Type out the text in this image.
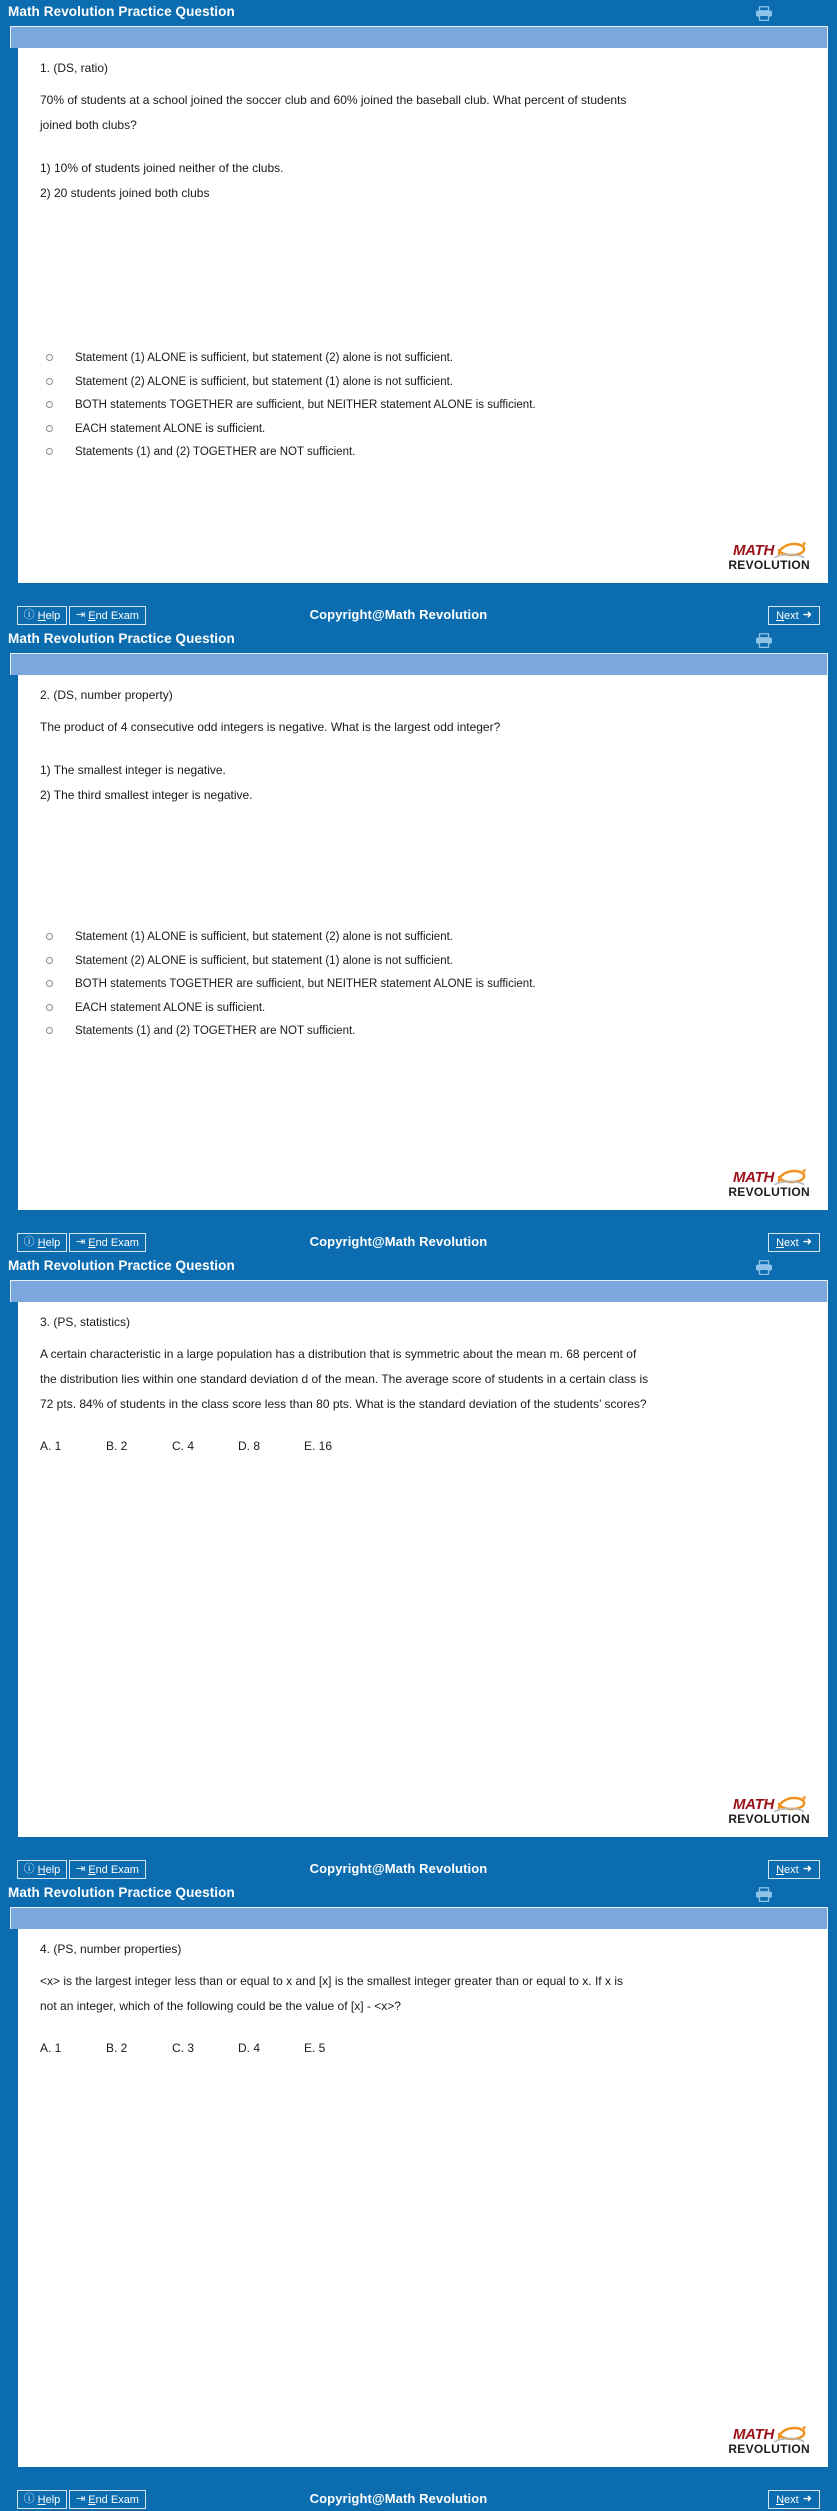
Math Revolution Practice Question
1. (DS, ratio)
70% of students at a school joined the soccer club and 60% joined the baseball club. What percent of students
joined both clubs?
1) 10% of students joined neither of the clubs.
2) 20 students joined both clubs
Statement (1) ALONE is sufficient, but statement (2) alone is not sufficient.
Statement (2) ALONE is sufficient, but statement (1) alone is not sufficient.
BOTH statements TOGETHER are sufficient, but NEITHER statement ALONE is sufficient.
EACH statement ALONE is sufficient.
Statements (1) and (2) TOGETHER are NOT sufficient.
MATH
REVOLUTION
ⓘ Help ⇥ End Exam	Copyright@Math Revolution	Next ➜
Math Revolution Practice Question
2. (DS, number property)
The product of 4 consecutive odd integers is negative. What is the largest odd integer?
1) The smallest integer is negative.
2) The third smallest integer is negative.
Statement (1) ALONE is sufficient, but statement (2) alone is not sufficient.
Statement (2) ALONE is sufficient, but statement (1) alone is not sufficient.
BOTH statements TOGETHER are sufficient, but NEITHER statement ALONE is sufficient.
EACH statement ALONE is sufficient.
Statements (1) and (2) TOGETHER are NOT sufficient.
MATH
REVOLUTION
ⓘ Help ⇥ End Exam	Copyright@Math Revolution	Next ➜
Math Revolution Practice Question
3. (PS, statistics)
A certain characteristic in a large population has a distribution that is symmetric about the mean m. 68 percent of
the distribution lies within one standard deviation d of the mean. The average score of students in a certain class is
72 pts. 84% of students in the class score less than 80 pts. What is the standard deviation of the students’ scores?
A. 1	B. 2	C. 4	D. 8	E. 16
MATH
REVOLUTION
ⓘ Help ⇥ End Exam	Copyright@Math Revolution	Next ➜
Math Revolution Practice Question
4. (PS, number properties)
<x> is the largest integer less than or equal to x and [x] is the smallest integer greater than or equal to x. If x is
not an integer, which of the following could be the value of [x] - <x>?
A. 1	B. 2	C. 3	D. 4	E. 5
MATH
REVOLUTION
ⓘ Help ⇥ End Exam	Copyright@Math Revolution	Next ➜
